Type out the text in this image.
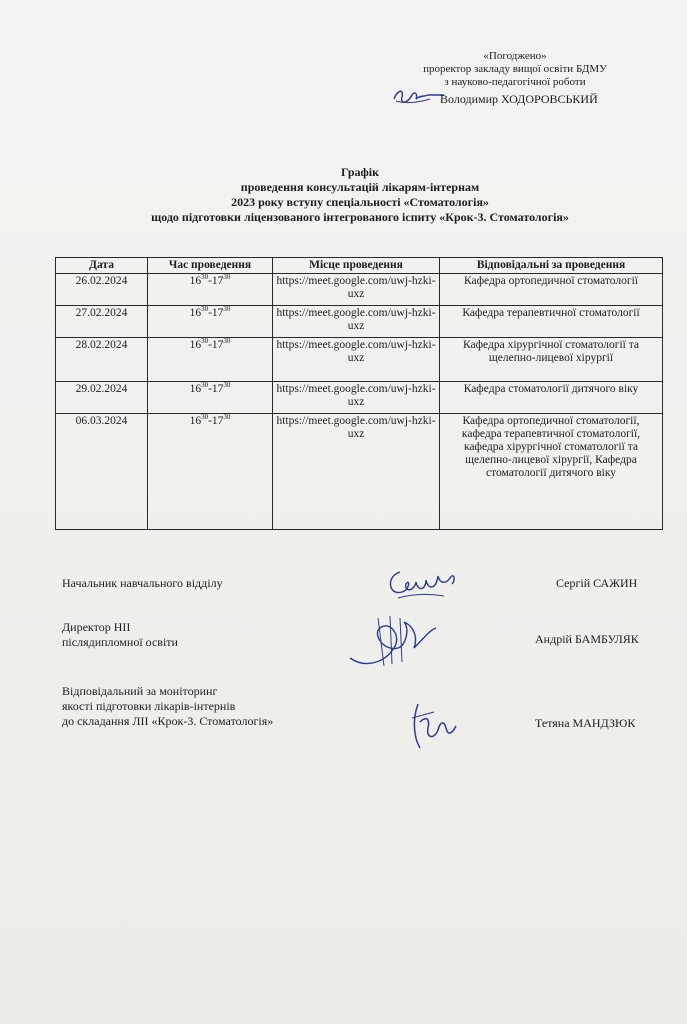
«Погоджено»
проректор закладу вищої освіти БДМУ
з науково-педагогічної роботи
Володимир ХОДОРОВСЬКИЙ
Графік
проведення консультацій лікарям-інтернам
2023 року вступу спеціальності «Стоматологія»
щодо підготовки ліцензованого інтегрованого іспиту «Крок-3. Стоматологія»
Дата	Час проведення	Місце проведення	Відповідальні за проведення
26.02.2024	$16^{30}-17^{30}$	https://meet.google.com/uwj-hzki-uxz	Кафедра ортопедичної стоматології
27.02.2024	$16^{30}-17^{30}$	https://meet.google.com/uwj-hzki-uxz	Кафедра терапевтичної стоматології
28.02.2024	$16^{30}-17^{30}$	https://meet.google.com/uwj-hzki-uxz	Кафедра хірургічної стоматології та щелепно-лицевої хірургії
29.02.2024	$16^{30}-17^{30}$	https://meet.google.com/uwj-hzki-uxz	Кафедра стоматології дитячого віку
06.03.2024	$16^{30}-17^{30}$	https://meet.google.com/uwj-hzki-uxz	Кафедра ортопедичної стоматології, кафедра терапевтичної стоматології, кафедра хірургічної стоматології та щелепно-лицевої хірургії, Кафедра стоматології дитячого віку
Начальник навчального відділу	Сергій САЖИН
Директор НІІ
післядипломної освіти	Андрій БАМБУЛЯК
Відповідальний за моніторинг
якості підготовки лікарів-інтернів
до складання ЛІІ «Крок-3. Стоматологія»	Тетяна МАНДЗЮК
